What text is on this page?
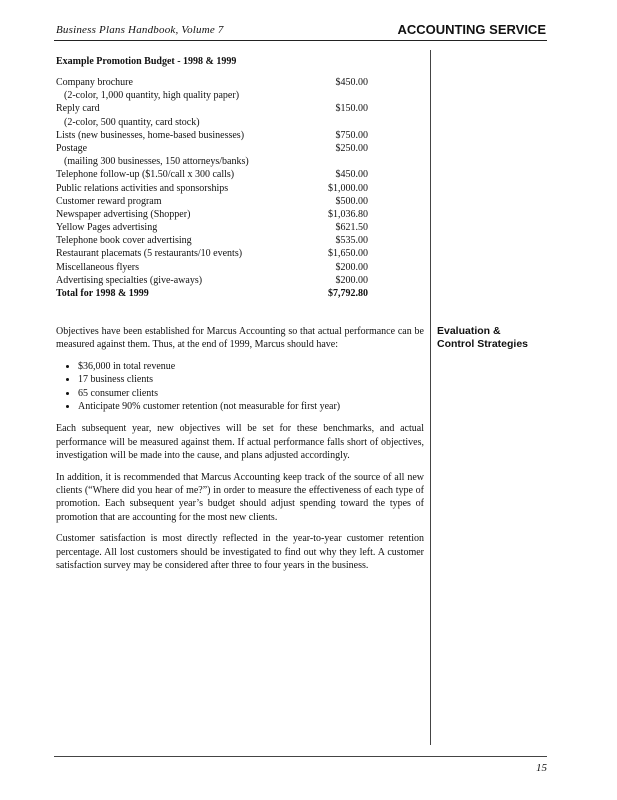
Business Plans Handbook, Volume 7	ACCOUNTING SERVICE
Example Promotion Budget - 1998 & 1999
Company brochure	$450.00
(2-color, 1,000 quantity, high quality paper)
Reply card	$150.00
(2-color, 500 quantity, card stock)
Lists (new businesses, home-based businesses)	$750.00
Postage	$250.00
(mailing 300 businesses, 150 attorneys/banks)
Telephone follow-up ($1.50/call x 300 calls)	$450.00
Public relations activities and sponsorships	$1,000.00
Customer reward program	$500.00
Newspaper advertising (Shopper)	$1,036.80
Yellow Pages advertising	$621.50
Telephone book cover advertising	$535.00
Restaurant placemats (5 restaurants/10 events)	$1,650.00
Miscellaneous flyers	$200.00
Advertising specialties (give-aways)	$200.00
Total for 1998 & 1999	$7,792.80
Evaluation &
Control Strategies

Objectives have been established for Marcus Accounting so that actual performance can be measured against them. Thus, at the end of 1999, Marcus should have:

• $36,000 in total revenue
• 17 business clients
• 65 consumer clients
• Anticipate 90% customer retention (not measurable for first year)

Each subsequent year, new objectives will be set for these benchmarks, and actual performance will be measured against them. If actual performance falls short of objectives, investigation will be made into the cause, and plans adjusted accordingly.

In addition, it is recommended that Marcus Accounting keep track of the source of all new clients (“Where did you hear of me?”) in order to measure the effectiveness of each type of promotion. Each subsequent year’s budget should adjust spending toward the types of promotion that are accounting for the most new clients.

Customer satisfaction is most directly reflected in the year-to-year customer retention percentage. All lost customers should be investigated to find out why they left. A customer satisfaction survey may be considered after three to four years in the business.

15
